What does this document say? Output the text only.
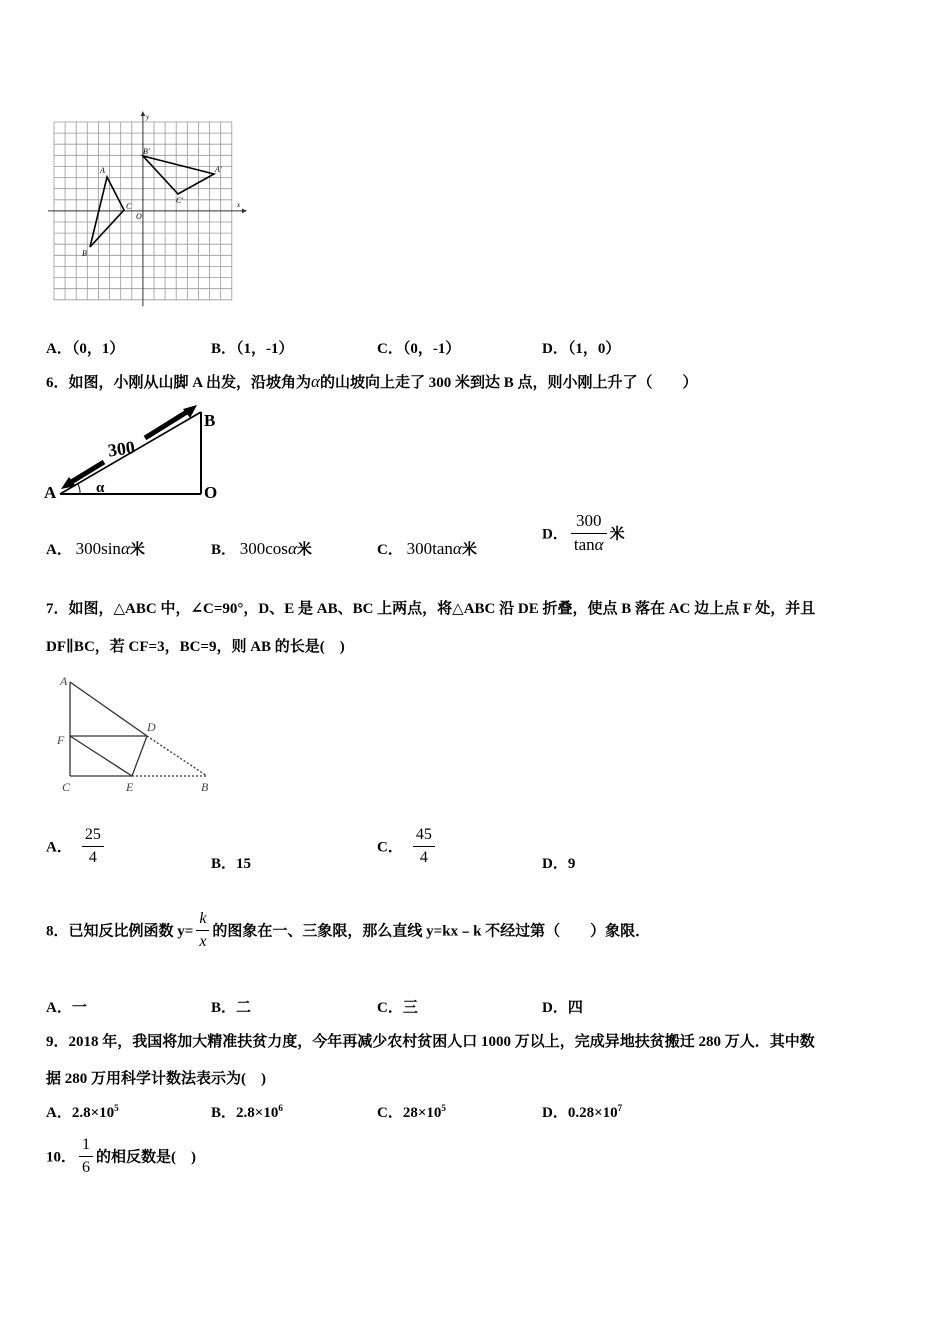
x
y
A
C
O
B
B'
A'
C'
A．（0，1）	B．（1，-1）	C．（0，-1）	D．（1，0）
6．如图，小刚从山脚 A 出发，沿坡角为α的山坡向上走了 300 米到达 B 点，则小刚上升了（　　）
300
A
B
O
α
A． 300sinα米	B． 300cosα米	C． 300tanα米
D． $\frac{300}{\tan\alpha}$ 米
7．如图，△ABC 中，∠C=90°，D、E 是 AB、BC 上两点，将△ABC 沿 DE 折叠，使点 B 落在 AC 边上点 F 处，并且
DF∥BC，若 CF=3，BC=9，则 AB 的长是(　)
A
D
F
C	E	B
A． $\frac{25}{4}$	B．15
C． $\frac{45}{4}$	D．9
8．已知反比例函数 $y= \frac{k}{x}$ 的图象在一、三象限，那么直线 y=kx﹣k 不经过第（　　）象限．
A．一	B．二	C．三	D．四
9．2018 年，我国将加大精准扶贫力度，今年再减少农村贫困人口 1000 万以上，完成异地扶贫搬迁 280 万人．其中数
据 280 万用科学计数法表示为(　)
A．$2.8\times 10^5$	B．$2.8\times 10^6$	C．$28\times 10^5$	D．$0.28\times 10^7$
10． $\frac{1}{6}$ 的相反数是(　)
